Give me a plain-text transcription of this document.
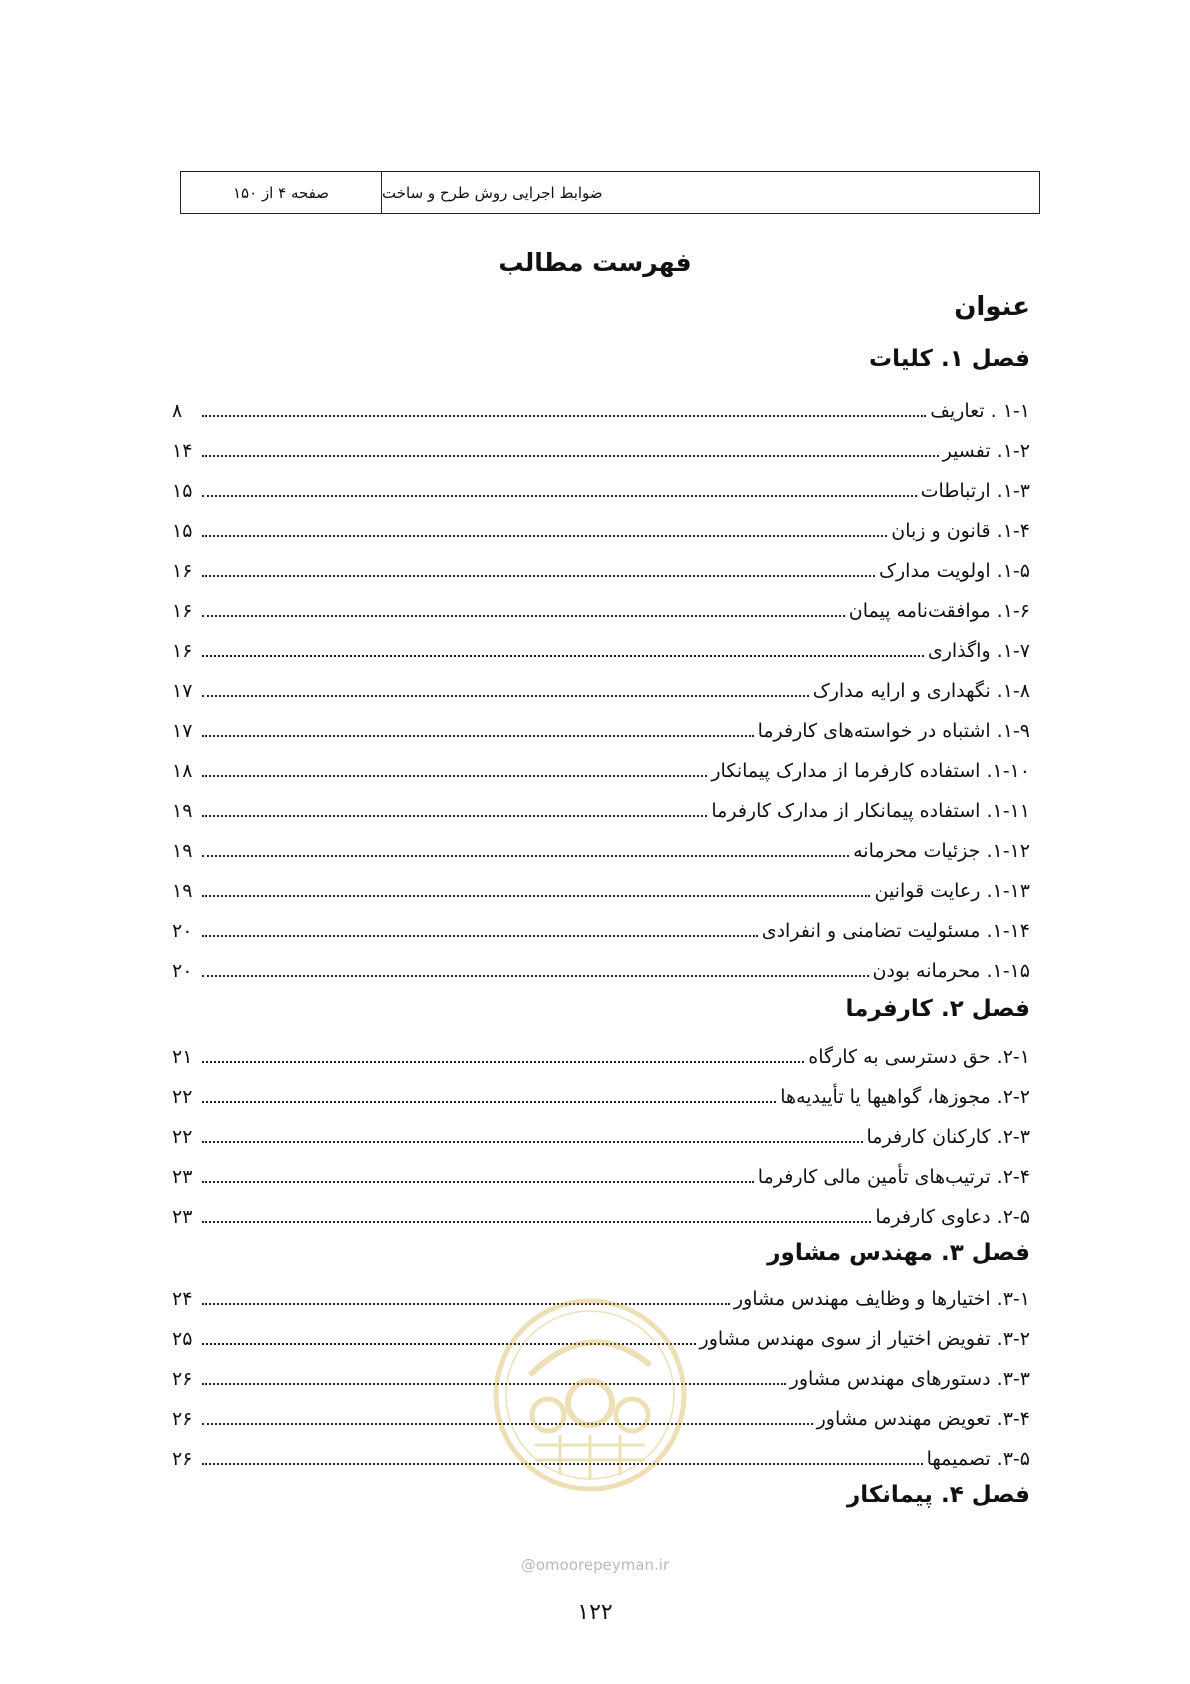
صفحه ۴ از ۱۵۰	ضوابط اجرایی روش طرح و ساخت
فهرست مطالب
عنوان
فصل ۱. کلیات
۱-۱ . تعاریف
۸
۱-۲. تفسیر
۱۴
۱-۳. ارتباطات
۱۵
۱-۴. قانون و زبان
۱۵
۱-۵. اولویت مدارک
۱۶
۱-۶. موافقت‌نامه پیمان
۱۶
۱-۷. واگذاری
۱۶
۱-۸. نگهداری و ارایه مدارک
۱۷
۱-۹. اشتباه در خواسته‌های کارفرما
۱۷
۱-۱۰. استفاده کارفرما از مدارک پیمانکار
۱۸
۱-۱۱. استفاده پیمانکار از مدارک کارفرما
۱۹
۱-۱۲. جزئیات محرمانه
۱۹
۱-۱۳. رعایت قوانین
۱۹
۱-۱۴. مسئولیت تضامنی و انفرادی
۲۰
۱-۱۵. محرمانه بودن
۲۰
فصل ۲. کارفرما
۲-۱. حق دسترسی به کارگاه
۲۱
۲-۲. مجوزها، گواهیها یا تأییدیه‌ها
۲۲
۲-۳. کارکنان کارفرما
۲۲
۲-۴. ترتیب‌های تأمین مالی کارفرما
۲۳
۲-۵. دعاوی کارفرما
۲۳
فصل ۳. مهندس مشاور
۳-۱. اختیارها و وظایف مهندس مشاور
۲۴
۳-۲. تفویض اختیار از سوی مهندس مشاور
۲۵
۳-۳. دستورهای مهندس مشاور
۲۶
۳-۴. تعویض مهندس مشاور
۲۶
۳-۵. تصمیمها
۲۶
فصل ۴. پیمانکار
@omoorepeyman.ir
۱۲۲
